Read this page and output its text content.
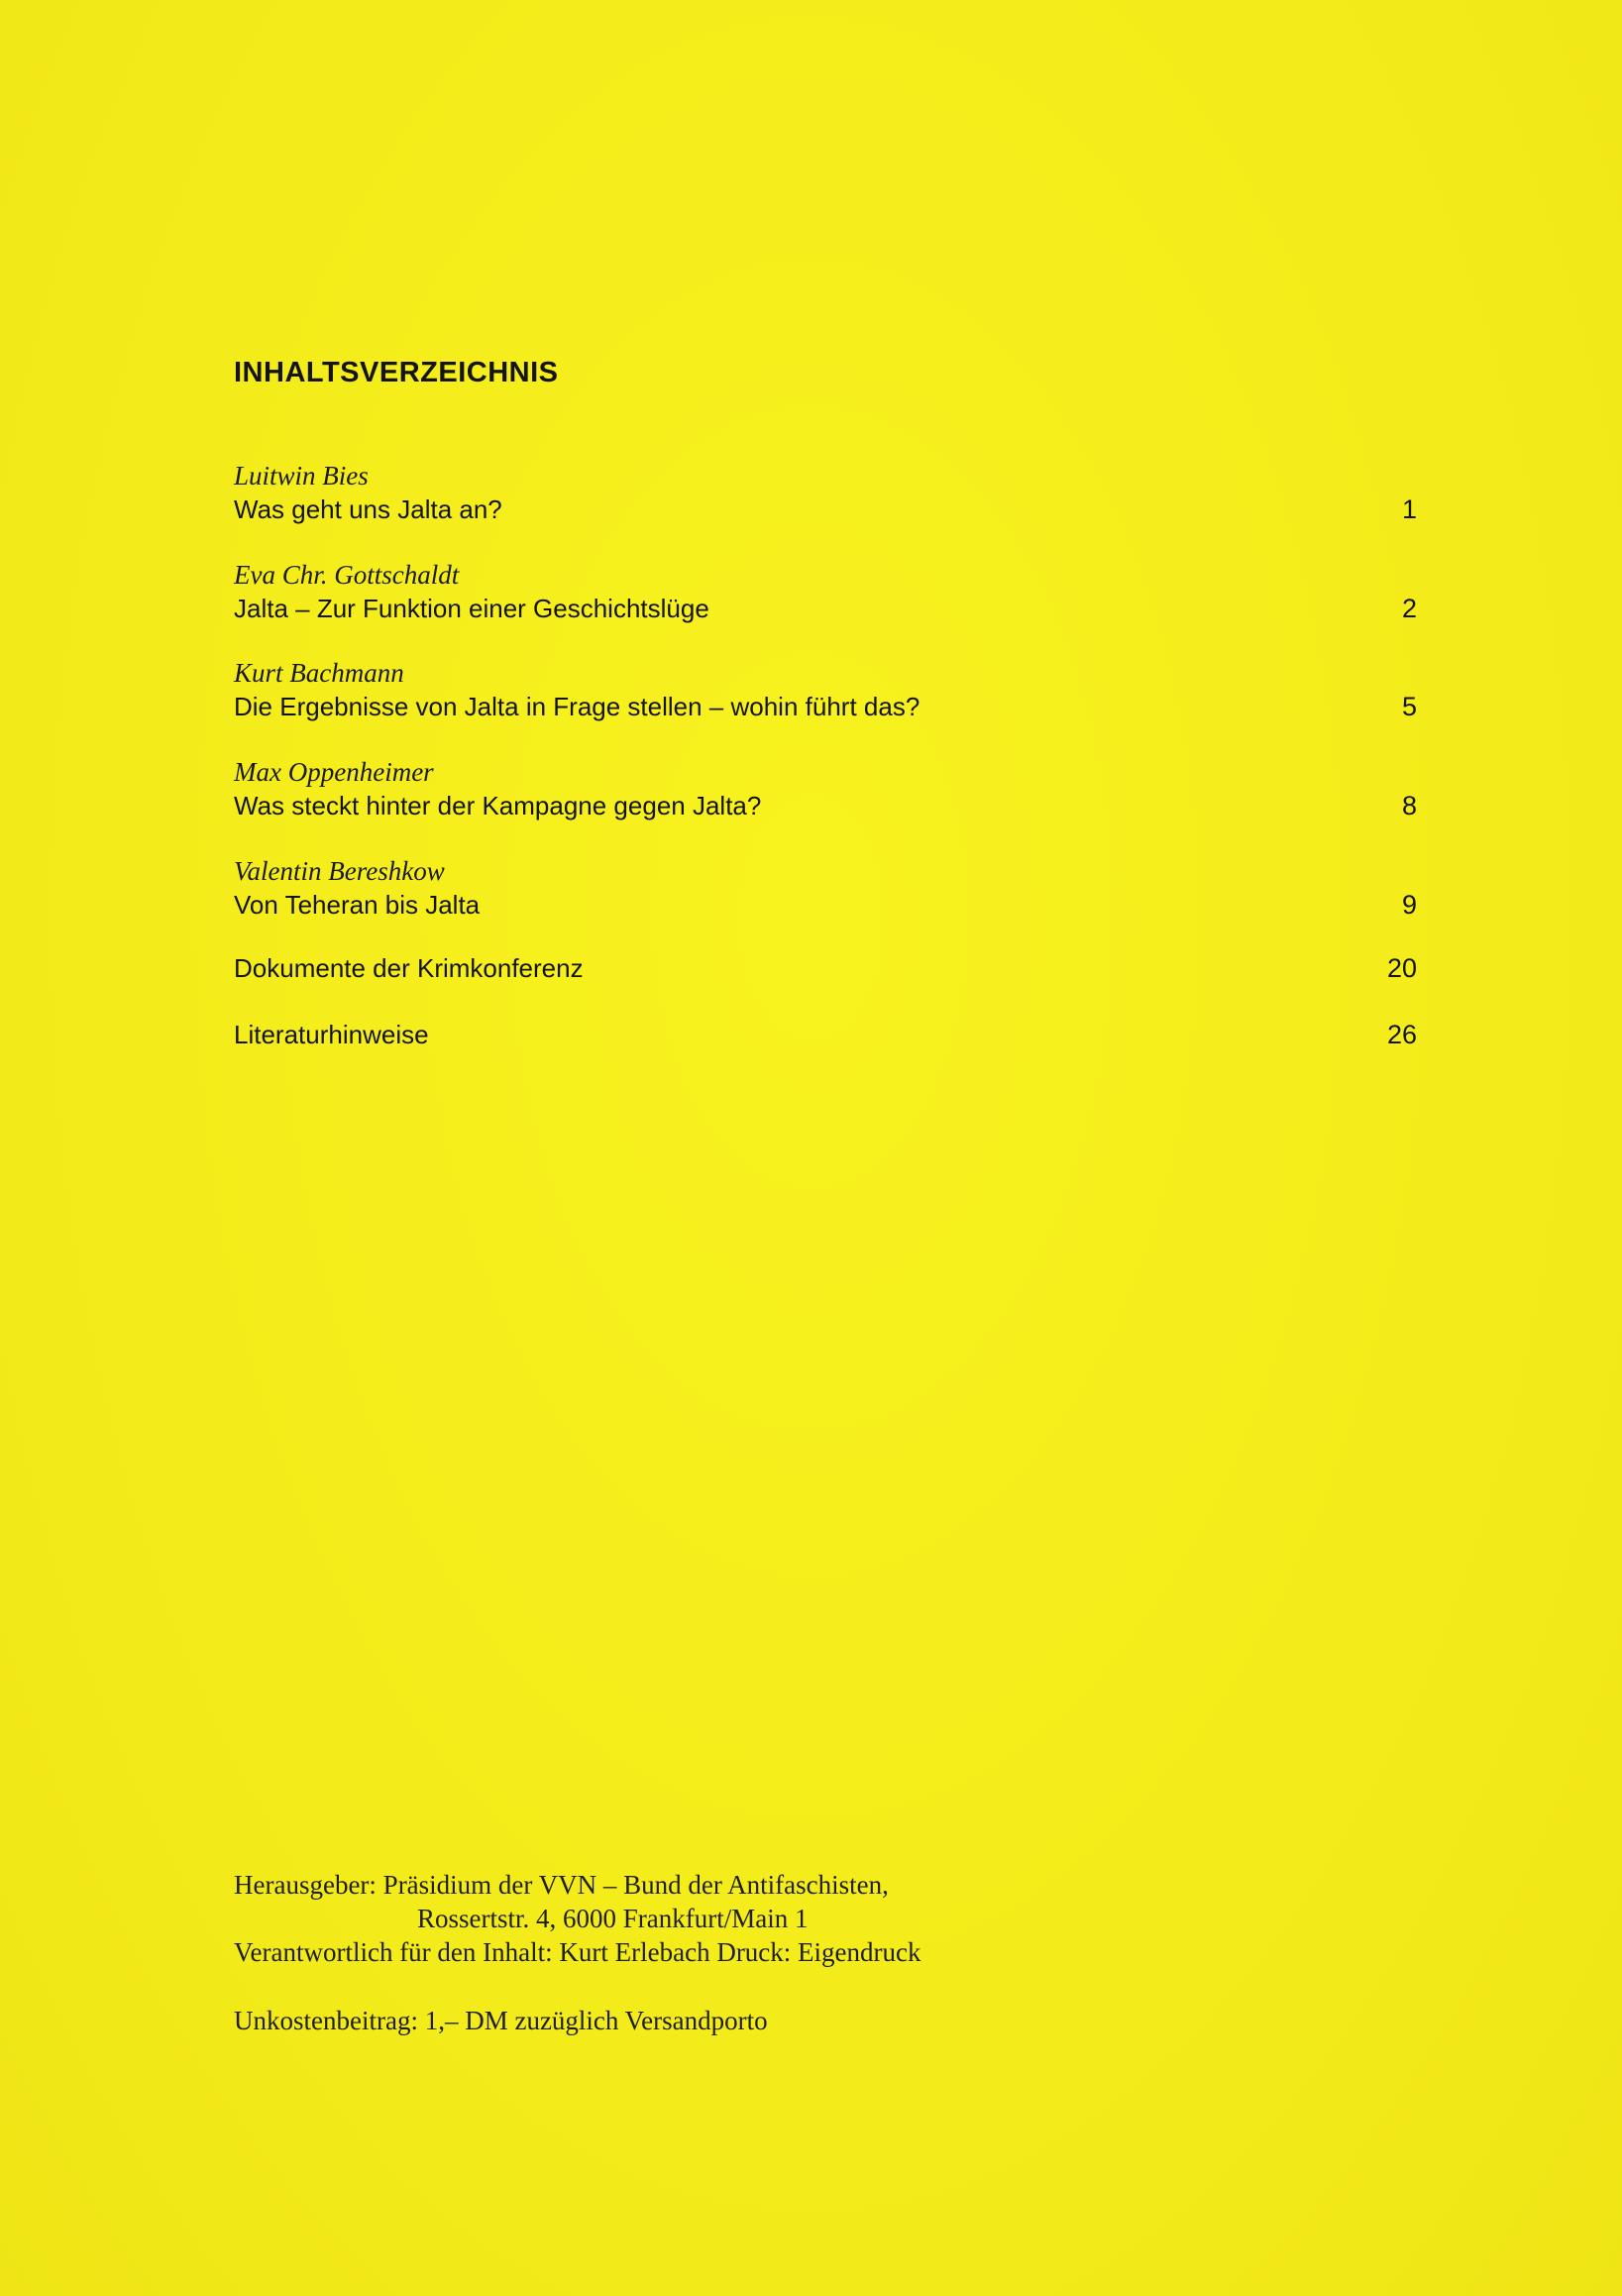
INHALTSVERZEICHNIS
Luitwin Bies
Was geht uns Jalta an?	1
Eva Chr. Gottschaldt
Jalta – Zur Funktion einer Geschichtslüge	2
Kurt Bachmann
Die Ergebnisse von Jalta in Frage stellen – wohin führt das?	5
Max Oppenheimer
Was steckt hinter der Kampagne gegen Jalta?	8
Valentin Bereshkow
Von Teheran bis Jalta	9
Dokumente der Krimkonferenz	20
Literaturhinweise	26
Herausgeber: Präsidium der VVN – Bund der Antifaschisten,
Rossertstr. 4, 6000 Frankfurt/Main 1
Verantwortlich für den Inhalt: Kurt Erlebach Druck: Eigendruck
Unkostenbeitrag: 1,– DM zuzüglich Versandporto
